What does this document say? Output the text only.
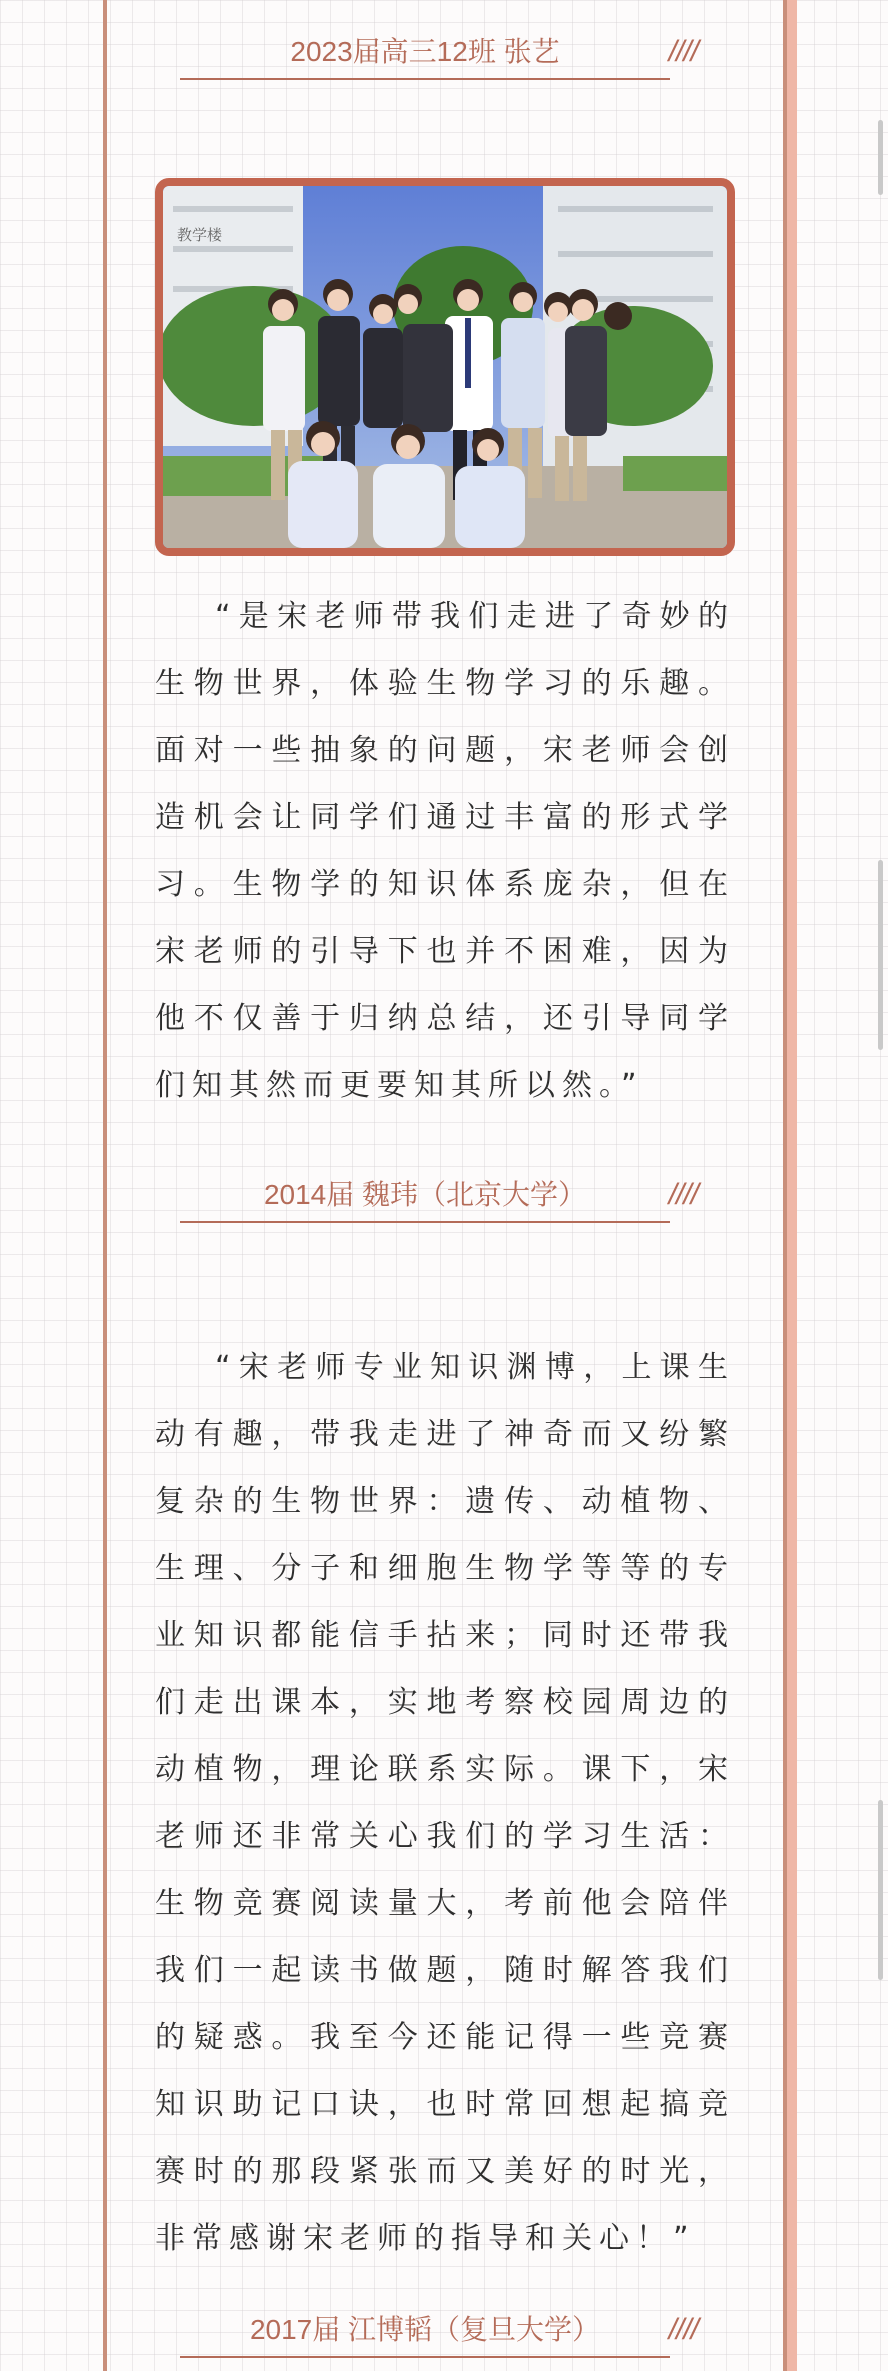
2023届高三12班 张艺	////
教学楼

“是宋老师带我们走进了奇妙的生物世界，体验生物学习的乐趣。面对一些抽象的问题，宋老师会创造机会让同学们通过丰富的形式学习。生物学的知识体系庞杂，但在宋老师的引导下也并不困难，因为他不仅善于归纳总结，还引导同学们知其然而更要知其所以然。”

2014届 魏玮（北京大学）	////

“宋老师专业知识渊博，上课生动有趣，带我走进了神奇而又纷繁复杂的生物世界：遗传、动植物、生理、分子和细胞生物学等等的专业知识都能信手拈来；同时还带我们走出课本，实地考察校园周边的动植物，理论联系实际。课下，宋老师还非常关心我们的学习生活：生物竞赛阅读量大，考前他会陪伴我们一起读书做题，随时解答我们的疑惑。我至今还能记得一些竞赛知识助记口诀，也时常回想起搞竞赛时的那段紧张而又美好的时光，非常感谢宋老师的指导和关心！”

2017届 江博韬（复旦大学） ////
